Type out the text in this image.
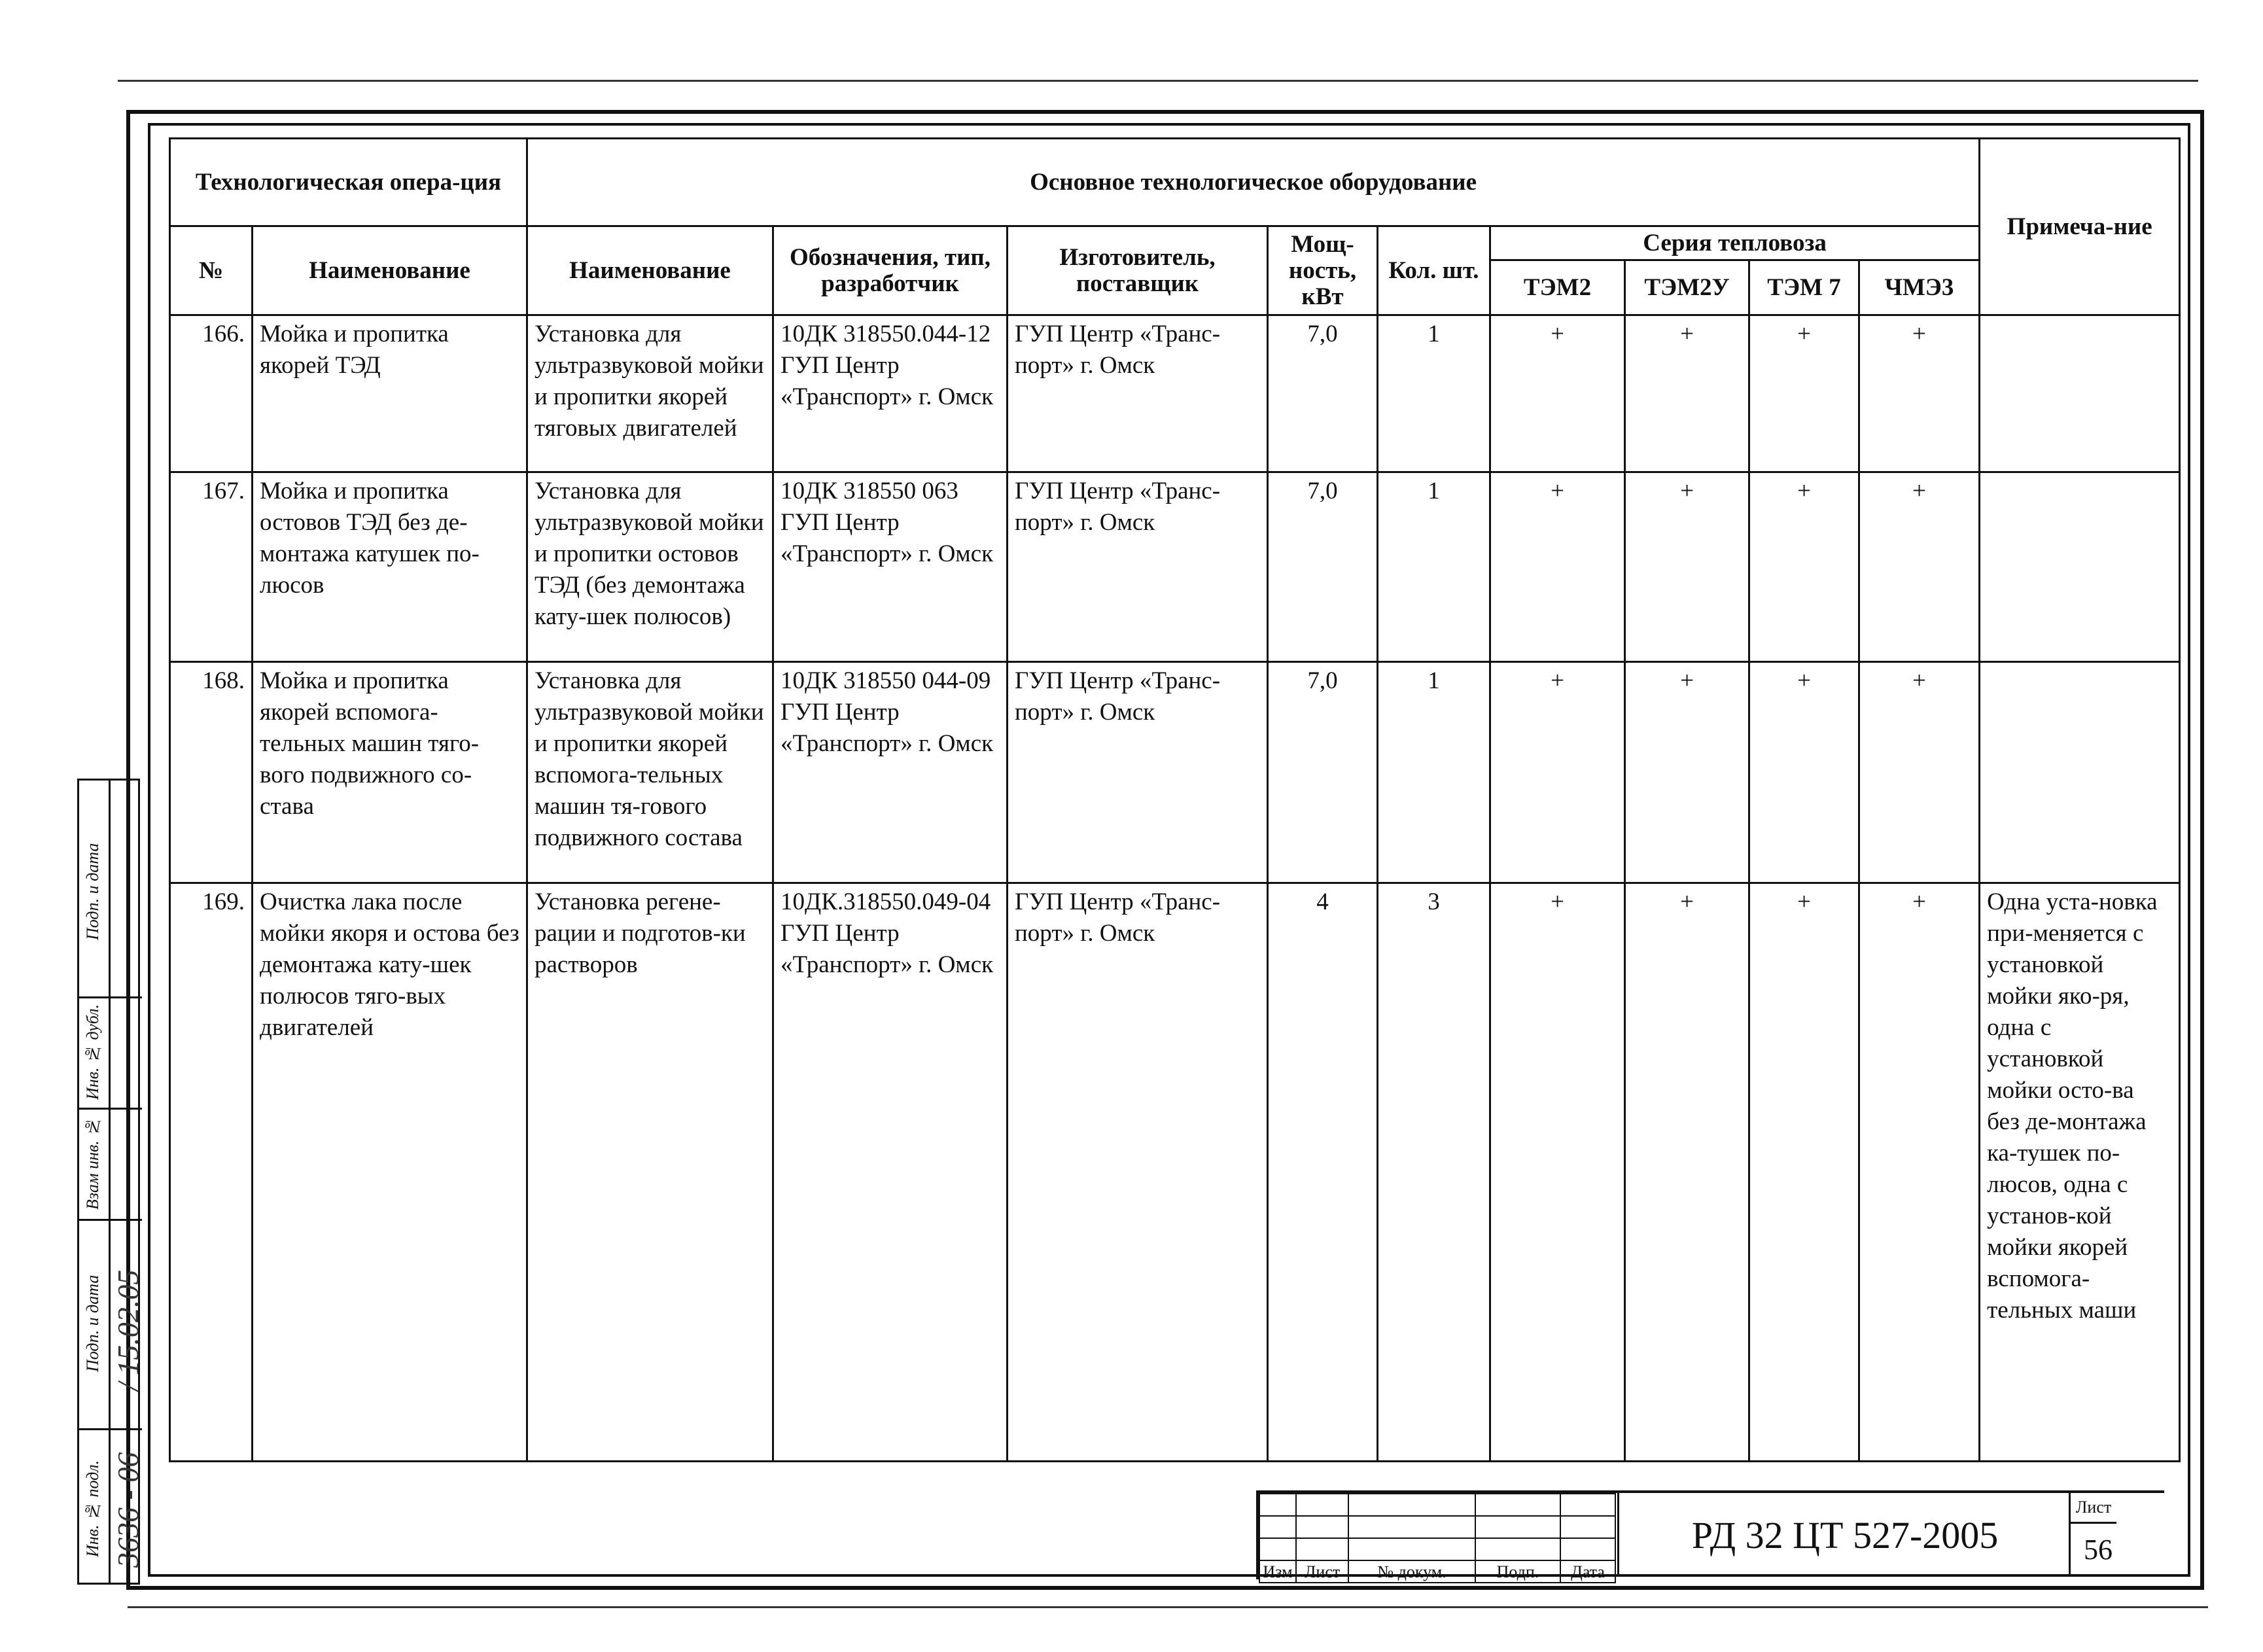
Технологическая опера-ция		Основное технологическое оборудование									Примеча-ние
№	Наименование	Наименование	Обозначения, тип, разработчик	Изготовитель, поставщик	Мощ-ность, кВт	Кол. шт.	Серия тепловоза				
							ТЭМ2	ТЭМ2У	ТЭМ 7	ЧМЭ3	
166.	Мойка и пропитка якорей ТЭД	Установка для ультразвуковой мойки и пропитки якорей тяговых двигателей	10ДК 318550.044-12 ГУП Центр «Транспорт» г. Омск	ГУП Центр «Транс-порт» г. Омск	7,0	1	+	+	+	+	
167.	Мойка и пропитка остовов ТЭД без де-монтажа катушек по-люсов	Установка для ультразвуковой мойки и пропитки остовов ТЭД (без демонтажа кату-шек полюсов)	10ДК 318550 063 ГУП Центр «Транспорт» г. Омск	ГУП Центр «Транс-порт» г. Омск	7,0	1	+	+	+	+	
168.	Мойка и пропитка якорей вспомога-тельных машин тяго-вого подвижного со-става	Установка для ультразвуковой мойки и пропитки якорей вспомога-тельных машин тя-гового подвижного состава	10ДК 318550 044-09 ГУП Центр «Транспорт» г. Омск	ГУП Центр «Транс-порт» г. Омск	7,0	1	+	+	+	+	
169.	Очистка лака после мойки якоря и остова без демонтажа кату-шек полюсов тяго-вых двигателей	Установка регене-рации и подготов-ки растворов	10ДК.318550.049-04 ГУП Центр «Транспорт» г. Омск	ГУП Центр «Транс-порт» г. Омск	4	3	+	+	+	+	Одна уста-новка при-меняется с установкой мойки яко-ря, одна с установкой мойки осто-ва без де-монтажа ка-тушек по-люсов, одна с установ-кой мойки якорей вспомога-тельных маши
Подп. и дата
Инв. № дубл.
Взам инв. №
Подп. и дата
Инв. № подл.
/ 15.02.05
3636 - 06

Изм	Лист	№ докум.	Подп.	Дата
РД 32 ЦТ 527-2005
Лист
56
